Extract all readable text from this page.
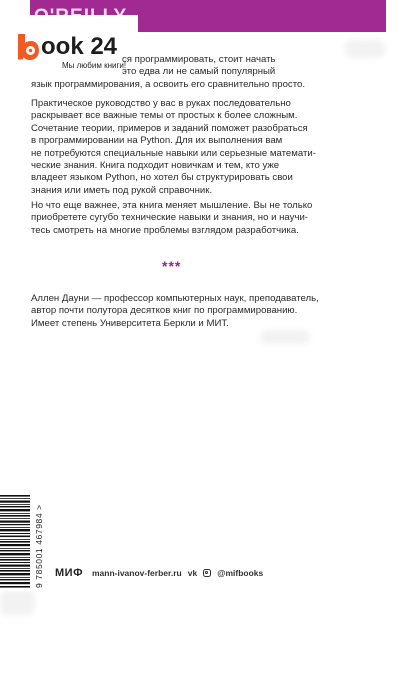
ook 24
Мы любим книги!

ся программировать, стоит начать

это едва ли не самый популярный

язык программирования, а освоить его сравнительно просто.

Практическое руководство у вас в руках последовательно

раскрывает все важные темы от простых к более сложным.

Сочетание теории, примеров и заданий поможет разобраться

в программировании на Python. Для их выполнения вам

не потребуются специальные навыки или серьезные математи-

ческие знания. Книга подходит новичкам и тем, кто уже

владеет языком Python, но хотел бы структурировать свои

знания или иметь под рукой справочник.

Но что еще важнее, эта книга меняет мышление. Вы не только

приобретете сугубо технические навыки и знания, но и научи-

тесь смотреть на многие проблемы взглядом разработчика.

***

Аллен Дауни — профессор компьютерных наук, преподаватель,

автор почти полутора десятков книг по программированию.

Имеет степень Университета Беркли и МИТ.

9 785001 467984 > МИФ mann-ivanov-ferber.ru vk @mifbooks
